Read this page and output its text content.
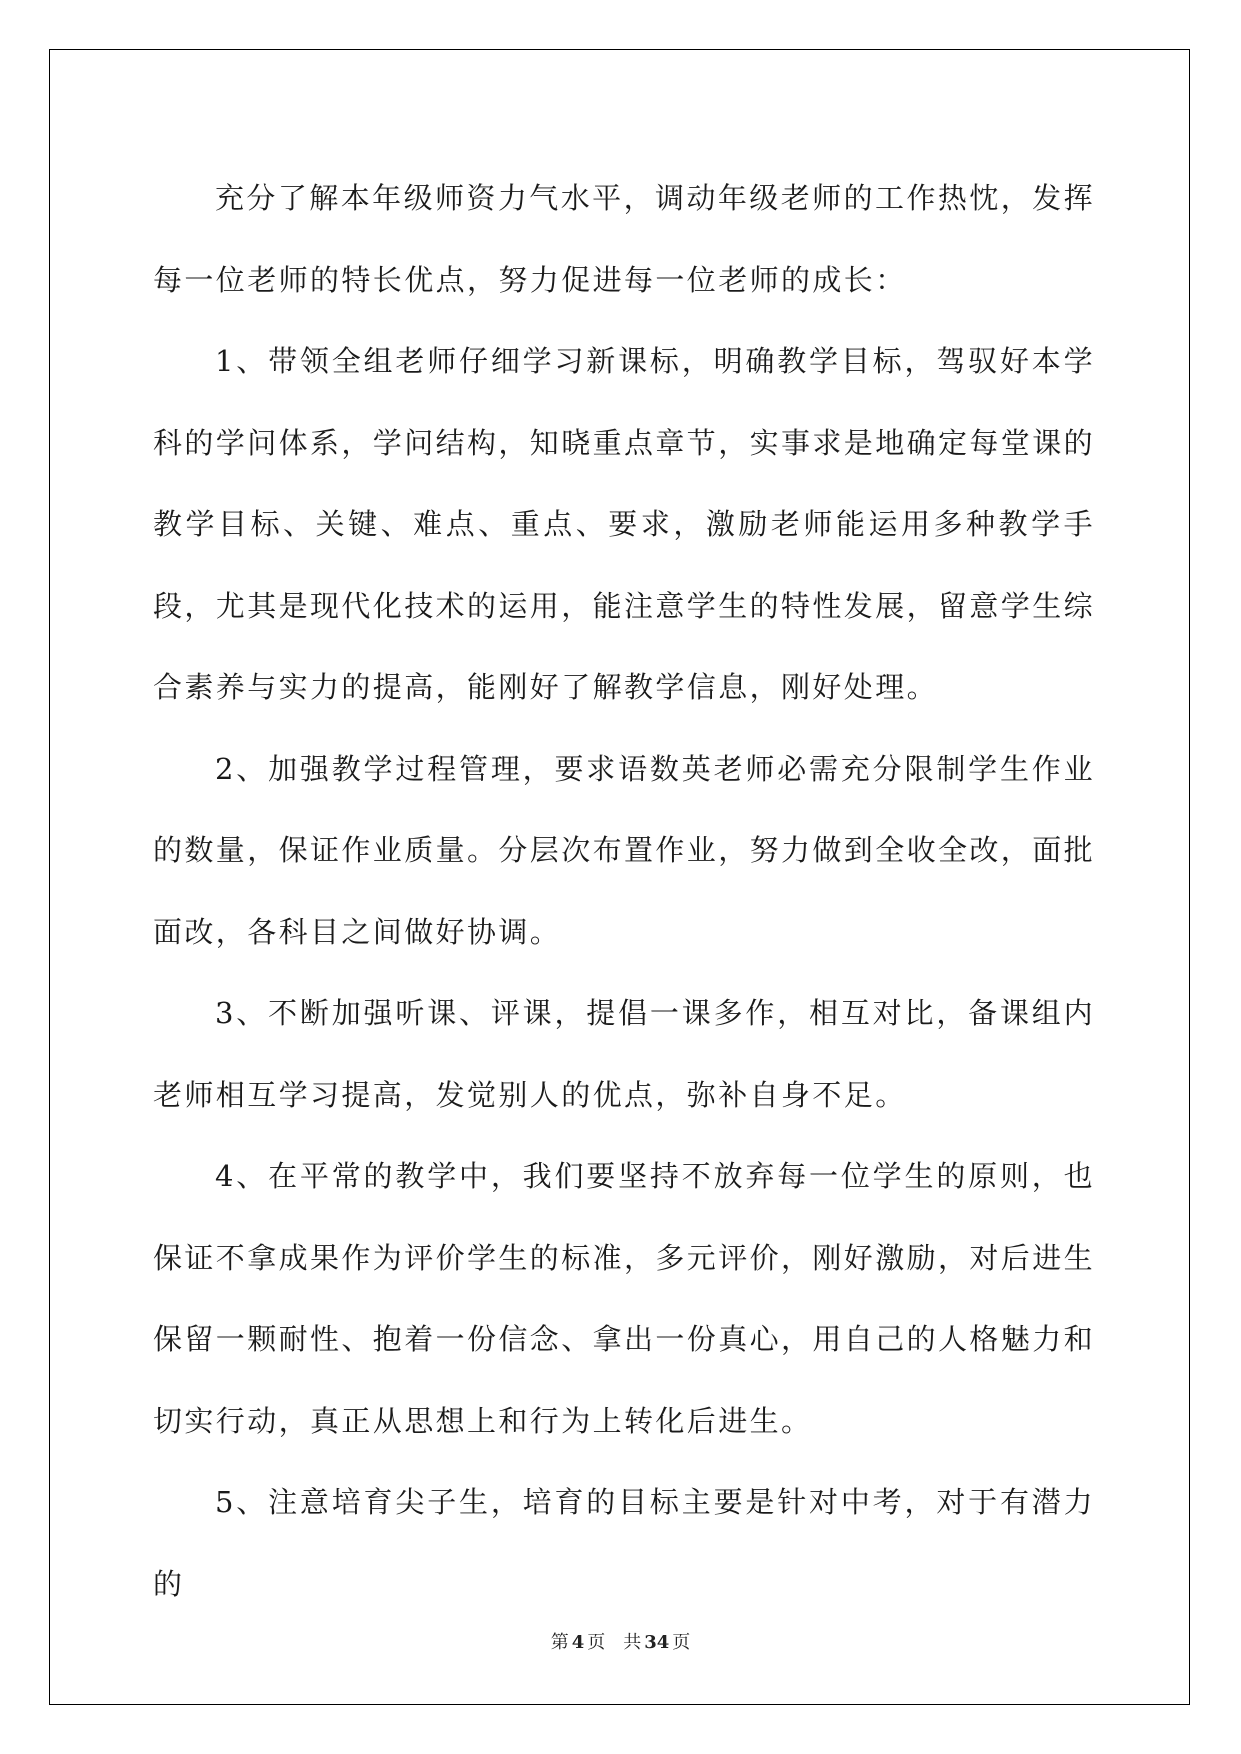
充分了解本年级师资力气水平，调动年级老师的工作热忱，发挥每一位老师的特长优点，努力促进每一位老师的成长：

1、带领全组老师仔细学习新课标，明确教学目标，驾驭好本学科的学问体系，学问结构，知晓重点章节，实事求是地确定每堂课的教学目标、关键、难点、重点、要求，激励老师能运用多种教学手段，尤其是现代化技术的运用，能注意学生的特性发展，留意学生综合素养与实力的提高，能刚好了解教学信息，刚好处理。

2、加强教学过程管理，要求语数英老师必需充分限制学生作业的数量，保证作业质量。分层次布置作业，努力做到全收全改，面批面改，各科目之间做好协调。

3、不断加强听课、评课，提倡一课多作，相互对比，备课组内老师相互学习提高，发觉别人的优点，弥补自身不足。

4、在平常的教学中，我们要坚持不放弃每一位学生的原则，也保证不拿成果作为评价学生的标准，多元评价，刚好激励，对后进生保留一颗耐性、抱着一份信念、拿出一份真心，用自己的人格魅力和切实行动，真正从思想上和行为上转化后进生。

5、注意培育尖子生，培育的目标主要是针对中考，对于有潜力的

第 4 页 共 34 页
